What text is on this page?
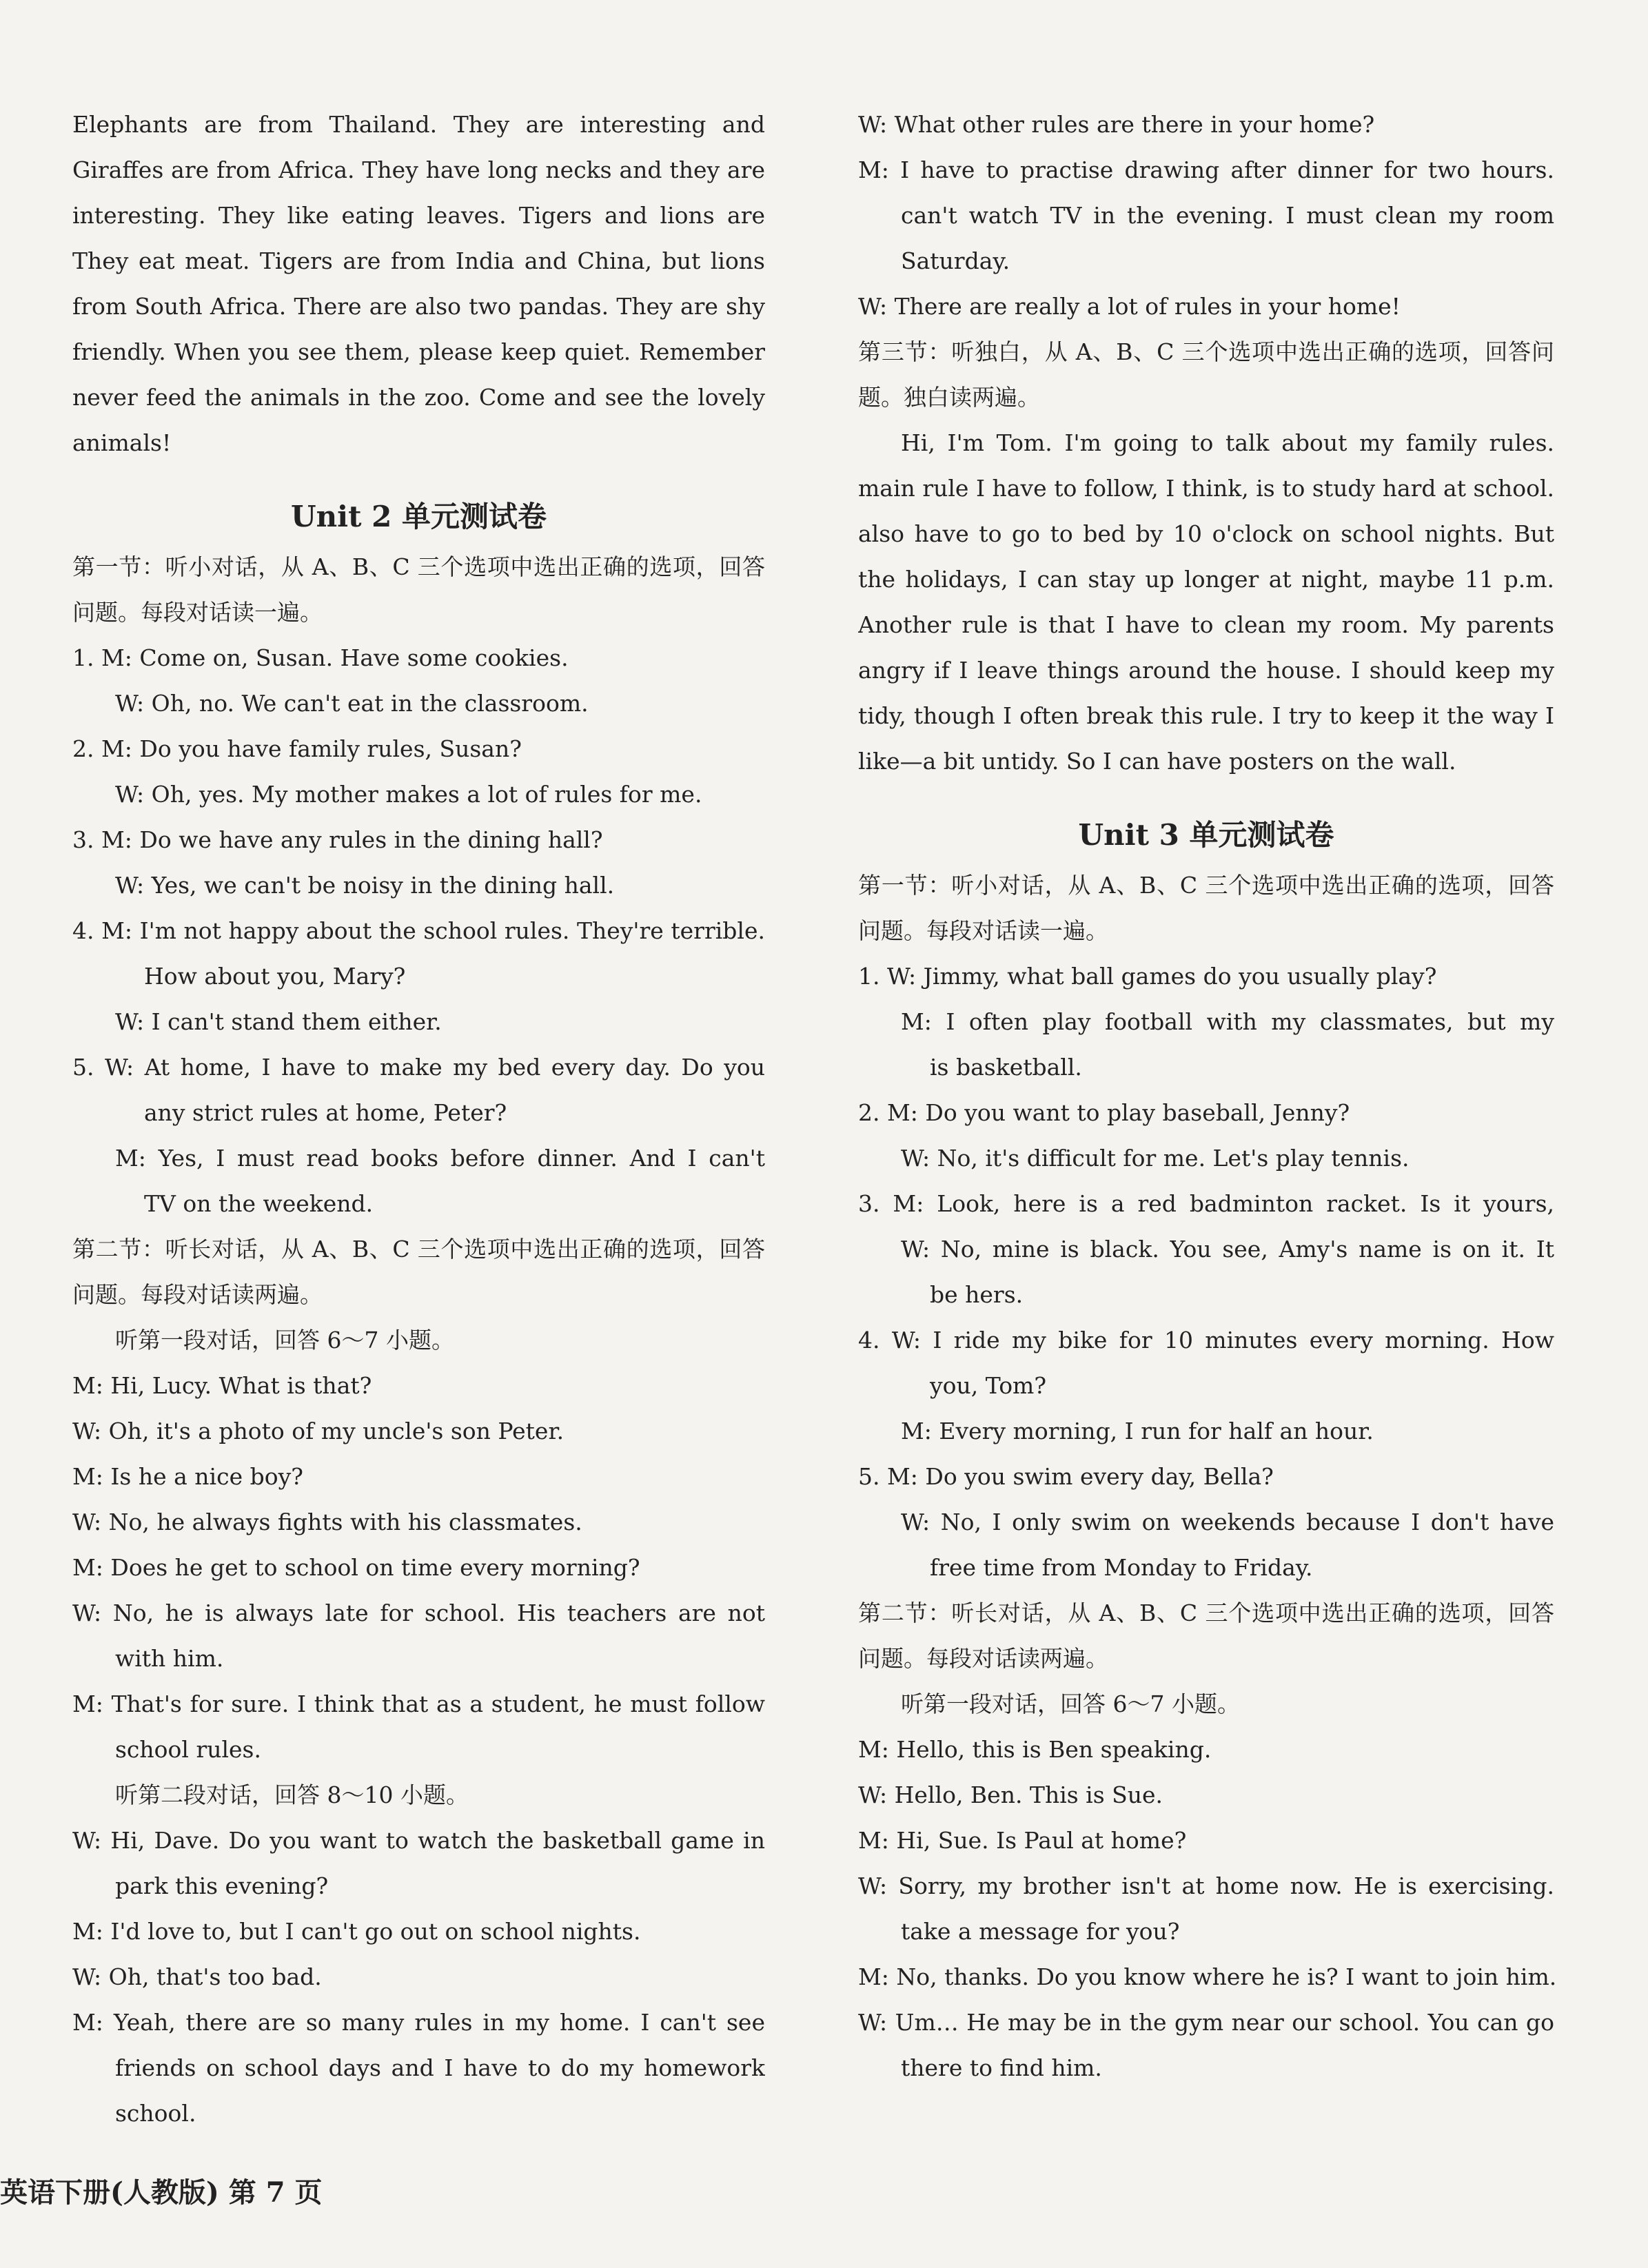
Elephants are from Thailand. They are interesting and
Giraffes are from Africa. They have long necks and they are
interesting. They like eating leaves. Tigers and lions are
They eat meat. Tigers are from India and China, but lions
from South Africa. There are also two pandas. They are shy
friendly. When you see them, please keep quiet. Remember
never feed the animals in the zoo. Come and see the lovely
animals!
Unit 2 单元测试卷
第一节：听小对话，从 A、B、C 三个选项中选出正确的选项，回答
问题。每段对话读一遍。
1. M: Come on, Susan. Have some cookies.
W: Oh, no. We can't eat in the classroom.
2. M: Do you have family rules, Susan?
W: Oh, yes. My mother makes a lot of rules for me.
3. M: Do we have any rules in the dining hall?
W: Yes, we can't be noisy in the dining hall.
4. M: I'm not happy about the school rules. They're terrible.
How about you, Mary?
W: I can't stand them either.
5. W: At home, I have to make my bed every day. Do you
any strict rules at home, Peter?
M: Yes, I must read books before dinner. And I can't
TV on the weekend.
第二节：听长对话，从 A、B、C 三个选项中选出正确的选项，回答
问题。每段对话读两遍。
听第一段对话，回答 6～7 小题。
M: Hi, Lucy. What is that?
W: Oh, it's a photo of my uncle's son Peter.
M: Is he a nice boy?
W: No, he always fights with his classmates.
M: Does he get to school on time every morning?
W: No, he is always late for school. His teachers are not
with him.
M: That's for sure. I think that as a student, he must follow
school rules.
听第二段对话，回答 8～10 小题。
W: Hi, Dave. Do you want to watch the basketball game in
park this evening?
M: I'd love to, but I can't go out on school nights.
W: Oh, that's too bad.
M: Yeah, there are so many rules in my home. I can't see
friends on school days and I have to do my homework
school.
W: What other rules are there in your home?
M: I have to practise drawing after dinner for two hours.
can't watch TV in the evening. I must clean my room
Saturday.
W: There are really a lot of rules in your home!
第三节：听独白，从 A、B、C 三个选项中选出正确的选项，回答问
题。独白读两遍。
Hi, I'm Tom. I'm going to talk about my family rules.
main rule I have to follow, I think, is to study hard at school.
also have to go to bed by 10 o'clock on school nights. But
the holidays, I can stay up longer at night, maybe 11 p.m.
Another rule is that I have to clean my room. My parents
angry if I leave things around the house. I should keep my
tidy, though I often break this rule. I try to keep it the way I
like—a bit untidy. So I can have posters on the wall.
Unit 3 单元测试卷
第一节：听小对话，从 A、B、C 三个选项中选出正确的选项，回答
问题。每段对话读一遍。
1. W: Jimmy, what ball games do you usually play?
M: I often play football with my classmates, but my
is basketball.
2. M: Do you want to play baseball, Jenny?
W: No, it's difficult for me. Let's play tennis.
3. M: Look, here is a red badminton racket. Is it yours,
W: No, mine is black. You see, Amy's name is on it. It
be hers.
4. W: I ride my bike for 10 minutes every morning. How
you, Tom?
M: Every morning, I run for half an hour.
5. M: Do you swim every day, Bella?
W: No, I only swim on weekends because I don't have
free time from Monday to Friday.
第二节：听长对话，从 A、B、C 三个选项中选出正确的选项，回答
问题。每段对话读两遍。
听第一段对话，回答 6～7 小题。
M: Hello, this is Ben speaking.
W: Hello, Ben. This is Sue.
M: Hi, Sue. Is Paul at home?
W: Sorry, my brother isn't at home now. He is exercising.
take a message for you?
M: No, thanks. Do you know where he is? I want to join him.
W: Um… He may be in the gym near our school. You can go
there to find him.
英语下册(人教版) 第 7 页
